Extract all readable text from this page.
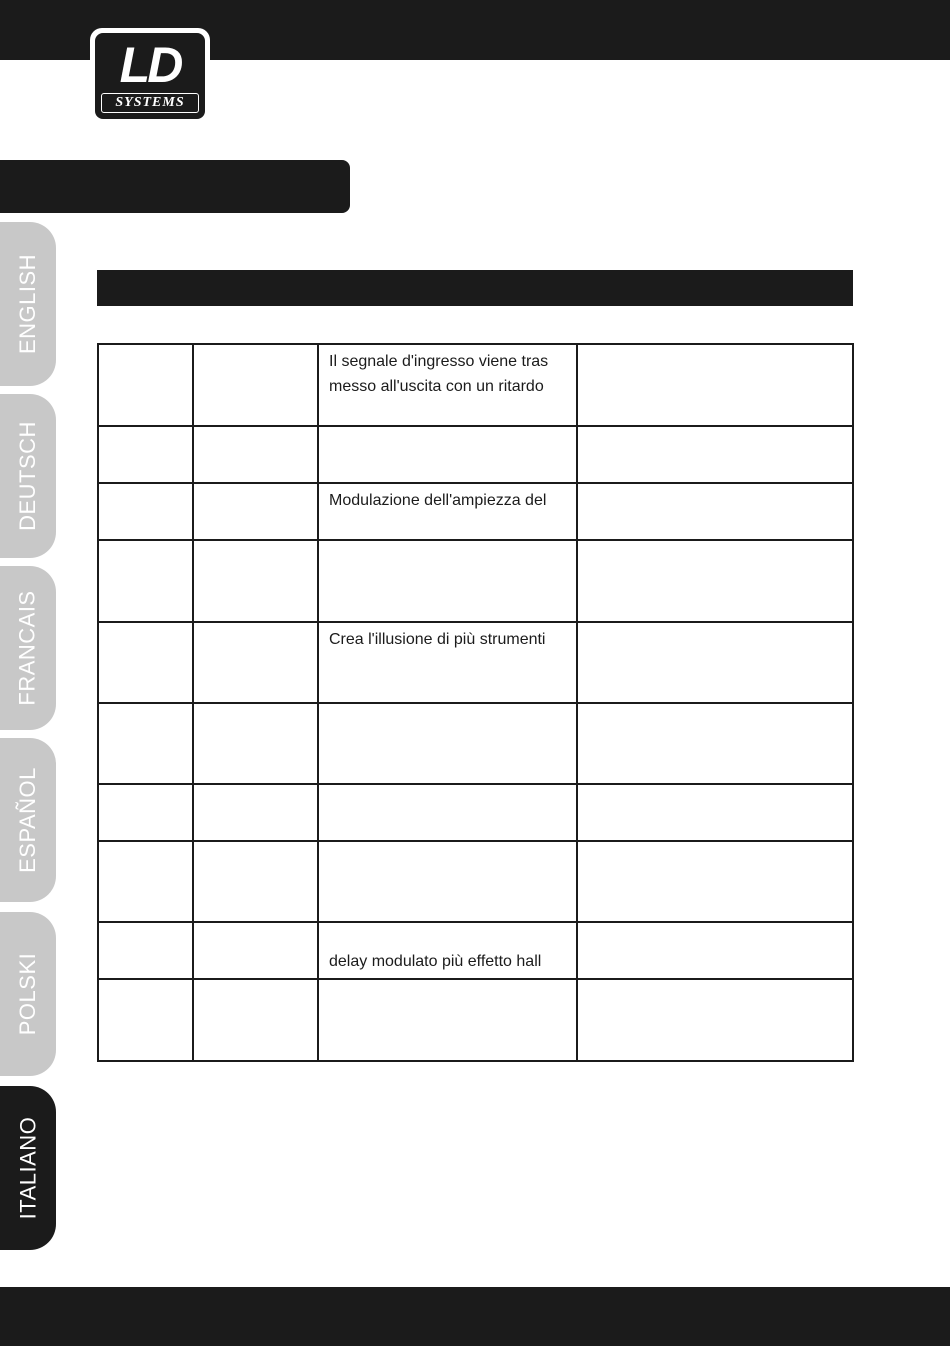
LD
SYSTEMS
ENGLISH
DEUTSCH
FRANCAIS
ESPAÑOL
POLSKI
ITALIANO
		Il segnale d'ingresso viene tras
messo all'uscita con un ritardo	

		Modulazione dell'ampiezza del	

		Crea l'illusione di più strumenti	

		delay modulato più effetto hall	
